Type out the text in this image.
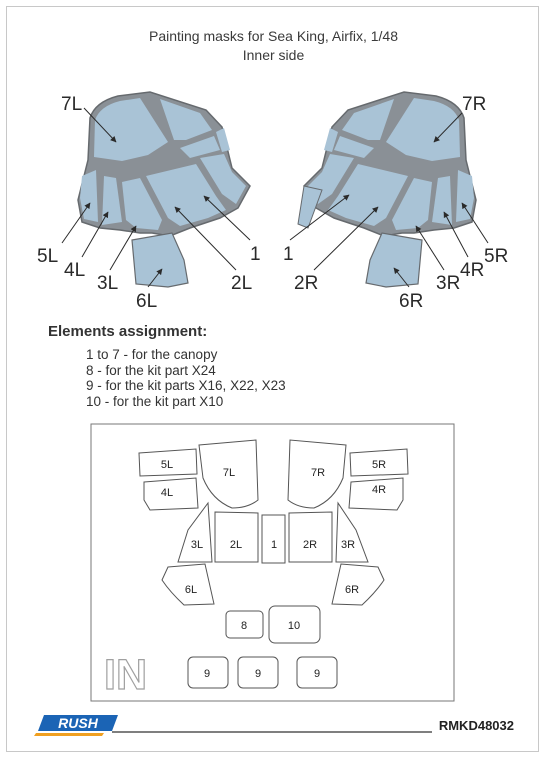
Painting masks for Sea King, Airfix, 1/48
Inner side
7L
5L
4L
3L
6L
2L
1
7R
1
2R
6R
3R
4R
5R
5L
7L	7R
5R
4L	4R
3L 2L	1 2R 3R
6L	6R
8	10
9	9	9
IN
Elements assignment:
1 to 7 - for the canopy
8 - for the kit part X24
9 - for the kit parts X16, X22, X23
10 - for the kit part X10
RUSH	RMKD48032
